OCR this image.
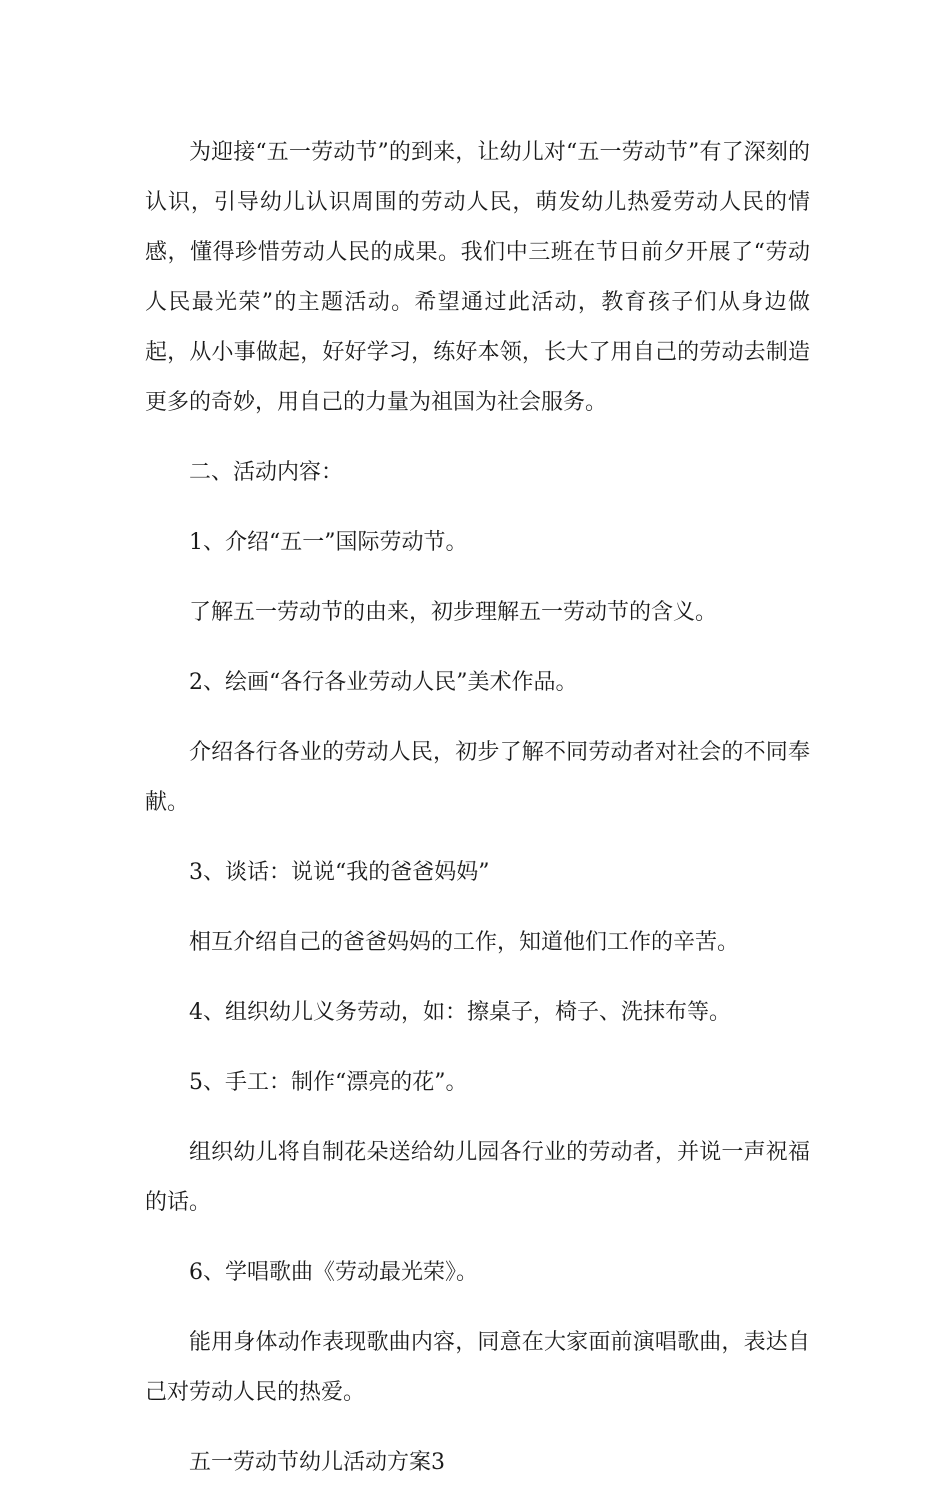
为迎接“五一劳动节”的到来，让幼儿对“五一劳动节”有了深刻的认识，引导幼儿认识周围的劳动人民，萌发幼儿热爱劳动人民的情感，懂得珍惜劳动人民的成果。我们中三班在节日前夕开展了“劳动人民最光荣”的主题活动。希望通过此活动，教育孩子们从身边做起，从小事做起，好好学习，练好本领，长大了用自己的劳动去制造更多的奇妙，用自己的力量为祖国为社会服务。

二、活动内容：

1、介绍“五一”国际劳动节。

了解五一劳动节的由来，初步理解五一劳动节的含义。

2、绘画“各行各业劳动人民”美术作品。

介绍各行各业的劳动人民，初步了解不同劳动者对社会的不同奉献。

3、谈话：说说“我的爸爸妈妈”

相互介绍自己的爸爸妈妈的工作，知道他们工作的辛苦。

4、组织幼儿义务劳动，如：擦桌子，椅子、洗抹布等。

5、手工：制作“漂亮的花”。

组织幼儿将自制花朵送给幼儿园各行业的劳动者，并说一声祝福的话。

6、学唱歌曲《劳动最光荣》。

能用身体动作表现歌曲内容，同意在大家面前演唱歌曲，表达自己对劳动人民的热爱。

五一劳动节幼儿活动方案3
